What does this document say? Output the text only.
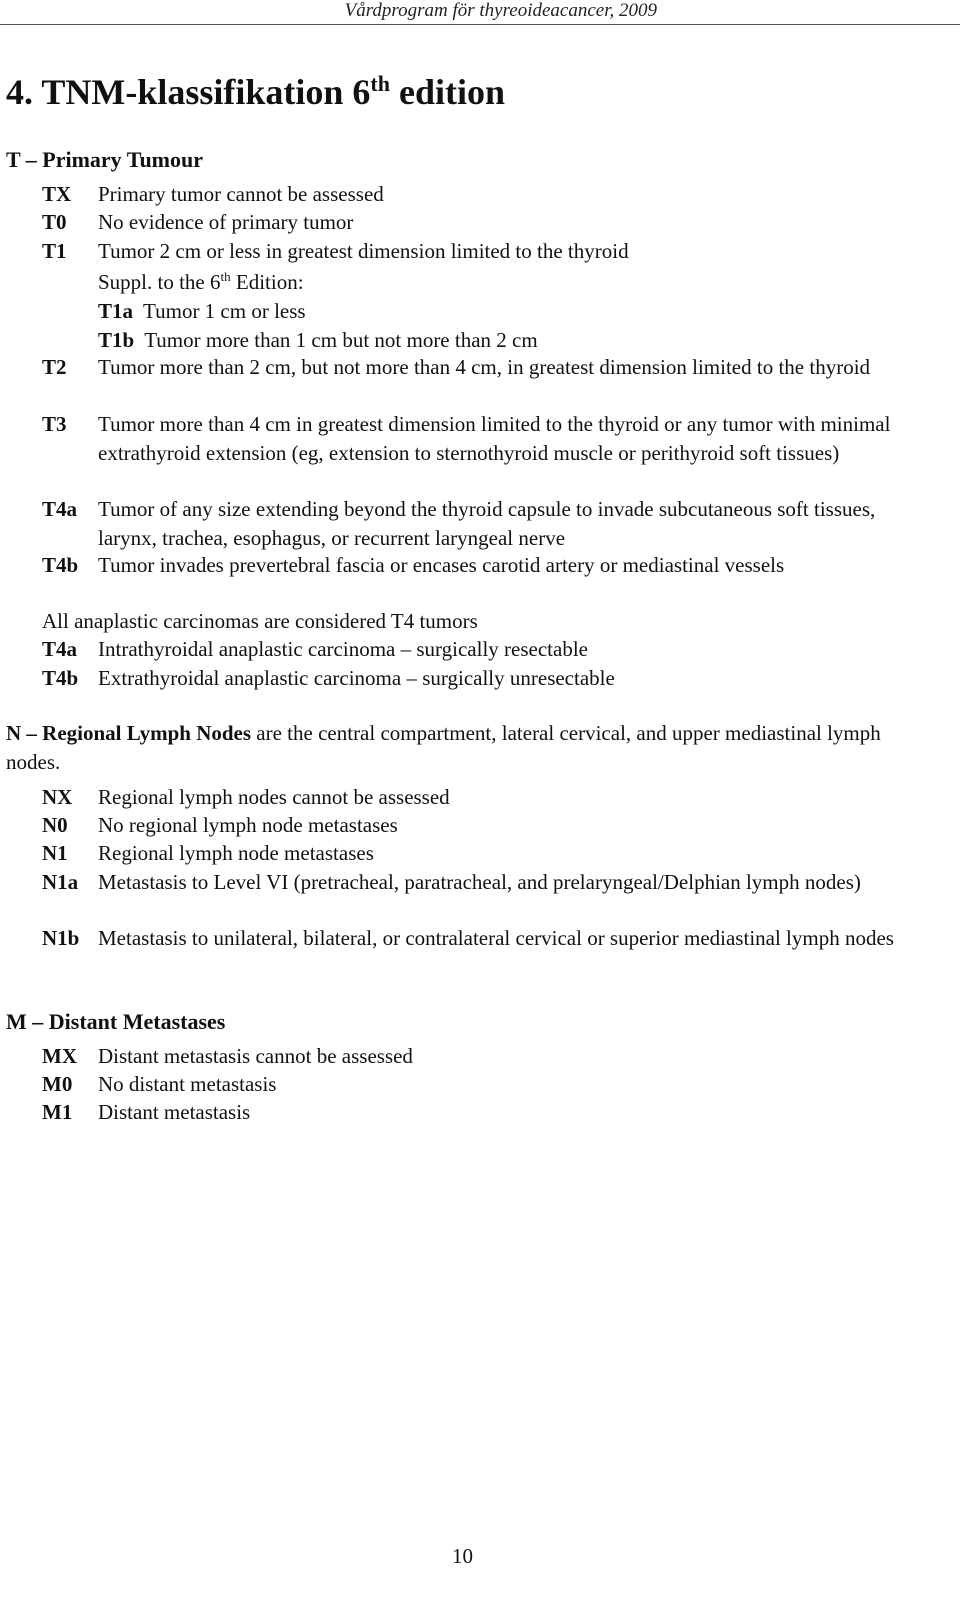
Vårdprogram för thyreoideacancer, 2009
4. TNM-klassifikation 6th edition
T – Primary Tumour
TX Primary tumor cannot be assessed
T0 No evidence of primary tumor
T1 Tumor 2 cm or less in greatest dimension limited to the thyroid
Suppl. to the 6th Edition:
T1a Tumor 1 cm or less
T1b Tumor more than 1 cm but not more than 2 cm
T2 Tumor more than 2 cm, but not more than 4 cm, in greatest dimension limited to the thyroid
T3 Tumor more than 4 cm in greatest dimension limited to the thyroid or any tumor with minimal extrathyroid extension (eg, extension to sternothyroid muscle or perithyroid soft tissues)
T4a Tumor of any size extending beyond the thyroid capsule to invade subcutaneous soft tissues, larynx, trachea, esophagus, or recurrent laryngeal nerve
T4b Tumor invades prevertebral fascia or encases carotid artery or mediastinal vessels
All anaplastic carcinomas are considered T4 tumors
T4a Intrathyroidal anaplastic carcinoma – surgically resectable
T4b Extrathyroidal anaplastic carcinoma – surgically unresectable
N – Regional Lymph Nodes are the central compartment, lateral cervical, and upper mediastinal lymph nodes.
NX Regional lymph nodes cannot be assessed
N0 No regional lymph node metastases
N1 Regional lymph node metastases
N1a Metastasis to Level VI (pretracheal, paratracheal, and prelaryngeal/Delphian lymph nodes)
N1b Metastasis to unilateral, bilateral, or contralateral cervical or superior mediastinal lymph nodes
M – Distant Metastases
MX Distant metastasis cannot be assessed
M0 No distant metastasis
M1 Distant metastasis
10
